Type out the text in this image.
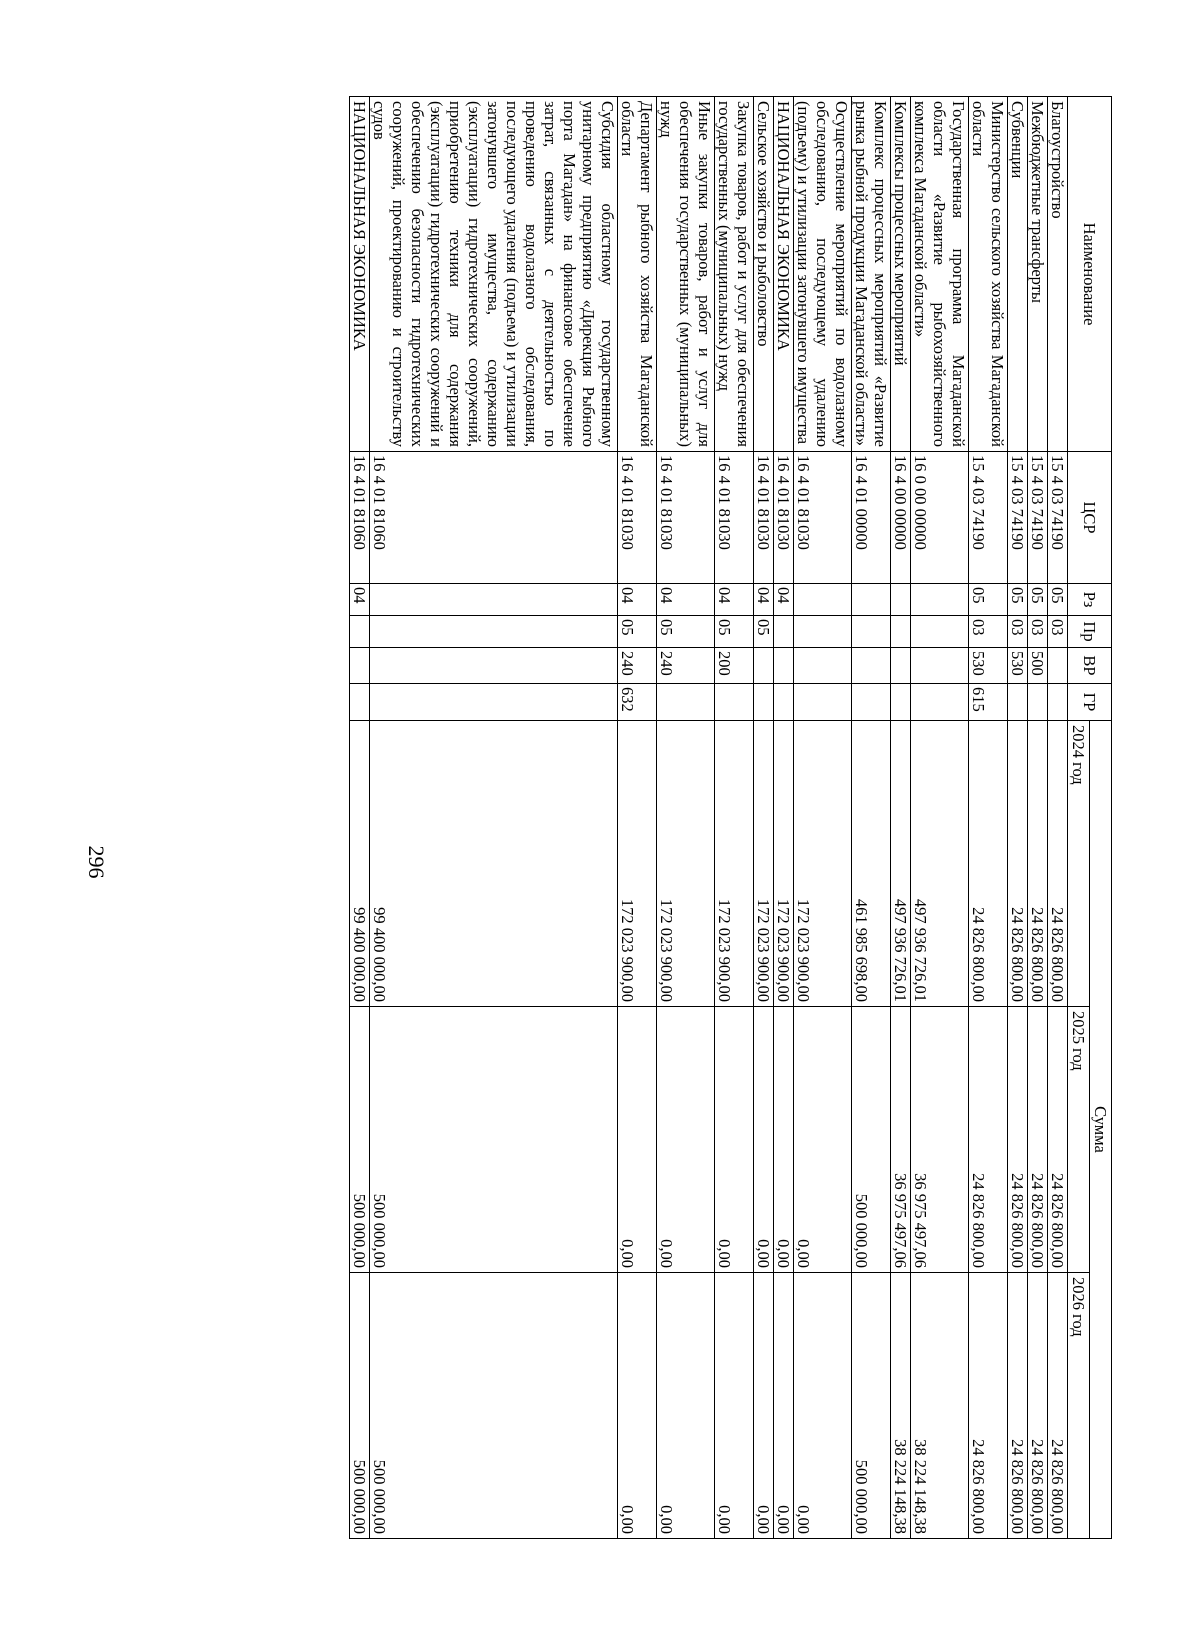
296
Наименование	ЦСР	Рз	Пр	ВР	ГР	Сумма		
						2024 год	2025 год	2026 год
Благоустройство	15 4 03 74190	05	03			24 826 800,00	24 826 800,00	24 826 800,00
Межбюджетные трансферты	15 4 03 74190	05	03	500		24 826 800,00	24 826 800,00	24 826 800,00
Субвенции	15 4 03 74190	05	03	530		24 826 800,00	24 826 800,00	24 826 800,00
Министерство сельского хозяйства Магаданской области	15 4 03 74190	05	03	530	615	24 826 800,00	24 826 800,00	24 826 800,00
Государственная программа Магаданской области «Развитие рыбохозяйственного комплекса Магаданской области»	16 0 00 00000					497 936 726,01	36 975 497,06	38 224 148,38
Комплексы процессных мероприятий	16 4 00 00000					497 936 726,01	36 975 497,06	38 224 148,38
Комплекс процессных мероприятий «Развитие рынка рыбной продукции Магаданской области»	16 4 01 00000					461 985 698,00	500 000,00	500 000,00
Осуществление мероприятий по водолазному обследованию, последующему удалению (подъему) и утилизации затонувшего имущества	16 4 01 81030					172 023 900,00	0,00	0,00
НАЦИОНАЛЬНАЯ ЭКОНОМИКА	16 4 01 81030	04				172 023 900,00	0,00	0,00
Сельское хозяйство и рыболовство	16 4 01 81030	04	05			172 023 900,00	0,00	0,00
Закупка товаров, работ и услуг для обеспечения государственных (муниципальных) нужд	16 4 01 81030	04	05	200		172 023 900,00	0,00	0,00
Иные закупки товаров, работ и услуг для обеспечения государственных (муниципальных) нужд	16 4 01 81030	04	05	240		172 023 900,00	0,00	0,00
Департамент рыбного хозяйства Магаданской области	16 4 01 81030	04	05	240	632	172 023 900,00	0,00	0,00
Субсидия областному государственному унитарному предприятию «Дирекция Рыбного порта Магадан» на финансовое обеспечение затрат, связанных с деятельностью по проведению водолазного обследования, последующего удаления (подъема) и утилизации затонувшего имущества, содержанию (эксплуатации) гидротехнических сооружений, приобретению техники для содержания (эксплуатации) гидротехнических сооружений и обеспечению безопасности гидротехнических сооружений, проектированию и строительству судов	16 4 01 81060					99 400 000,00	500 000,00	500 000,00
НАЦИОНАЛЬНАЯ ЭКОНОМИКА	16 4 01 81060	04				99 400 000,00	500 000,00	500 000,00
